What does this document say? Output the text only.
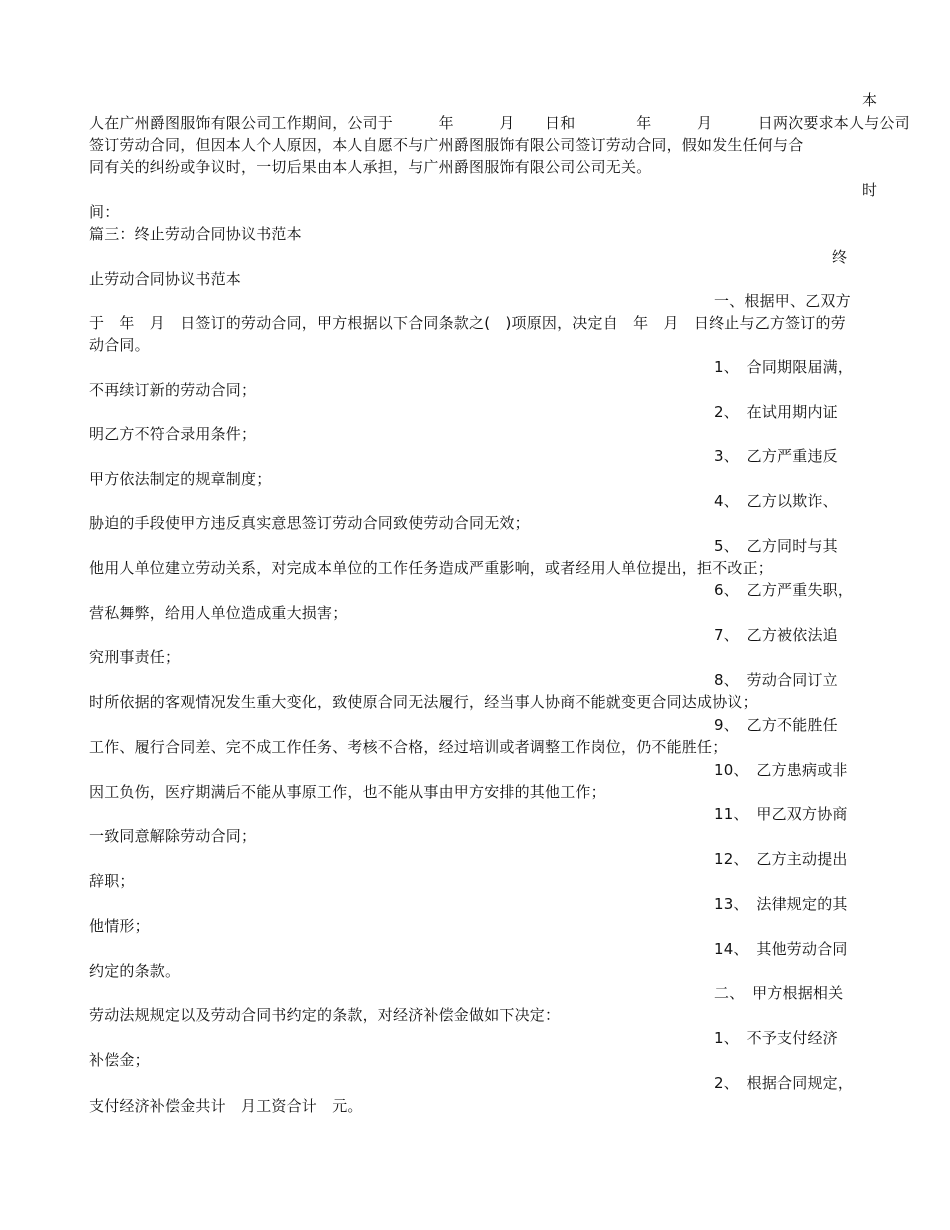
本
人在广州爵图服饰有限公司工作期间，公司于　　　年　　　月　　日和　　　　年　　　月　　　日两次要求本人与公司
签订劳动合同，但因本人个人原因，本人自愿不与广州爵图服饰有限公司签订劳动合同，假如发生任何与合
同有关的纠纷或争议时，一切后果由本人承担，与广州爵图服饰有限公司公司无关。
时
间：
篇三：终止劳动合同协议书范本
终
止劳动合同协议书范本
一、根据甲、乙双方
于　年　月　日签订的劳动合同，甲方根据以下合同条款之(　)项原因，决定自　年　月　日终止与乙方签订的劳
动合同。
1、　合同期限届满，
不再续订新的劳动合同；
2、　在试用期内证
明乙方不符合录用条件；
3、　乙方严重违反
甲方依法制定的规章制度；
4、　乙方以欺诈、
胁迫的手段使甲方违反真实意思签订劳动合同致使劳动合同无效；
5、　乙方同时与其
他用人单位建立劳动关系，对完成本单位的工作任务造成严重影响，或者经用人单位提出，拒不改正；
6、　乙方严重失职，
营私舞弊，给用人单位造成重大损害；
7、　乙方被依法追
究刑事责任；
8、　劳动合同订立
时所依据的客观情况发生重大变化，致使原合同无法履行，经当事人协商不能就变更合同达成协议；
9、　乙方不能胜任
工作、履行合同差、完不成工作任务、考核不合格，经过培训或者调整工作岗位，仍不能胜任；
10、　乙方患病或非
因工负伤，医疗期满后不能从事原工作，也不能从事由甲方安排的其他工作；
11、　甲乙双方协商
一致同意解除劳动合同；
12、　乙方主动提出
辞职；
13、　法律规定的其
他情形；
14、　其他劳动合同
约定的条款。
二、　甲方根据相关
劳动法规规定以及劳动合同书约定的条款，对经济补偿金做如下决定：
1、　不予支付经济
补偿金；
2、　根据合同规定，
支付经济补偿金共计　月工资合计　元。
